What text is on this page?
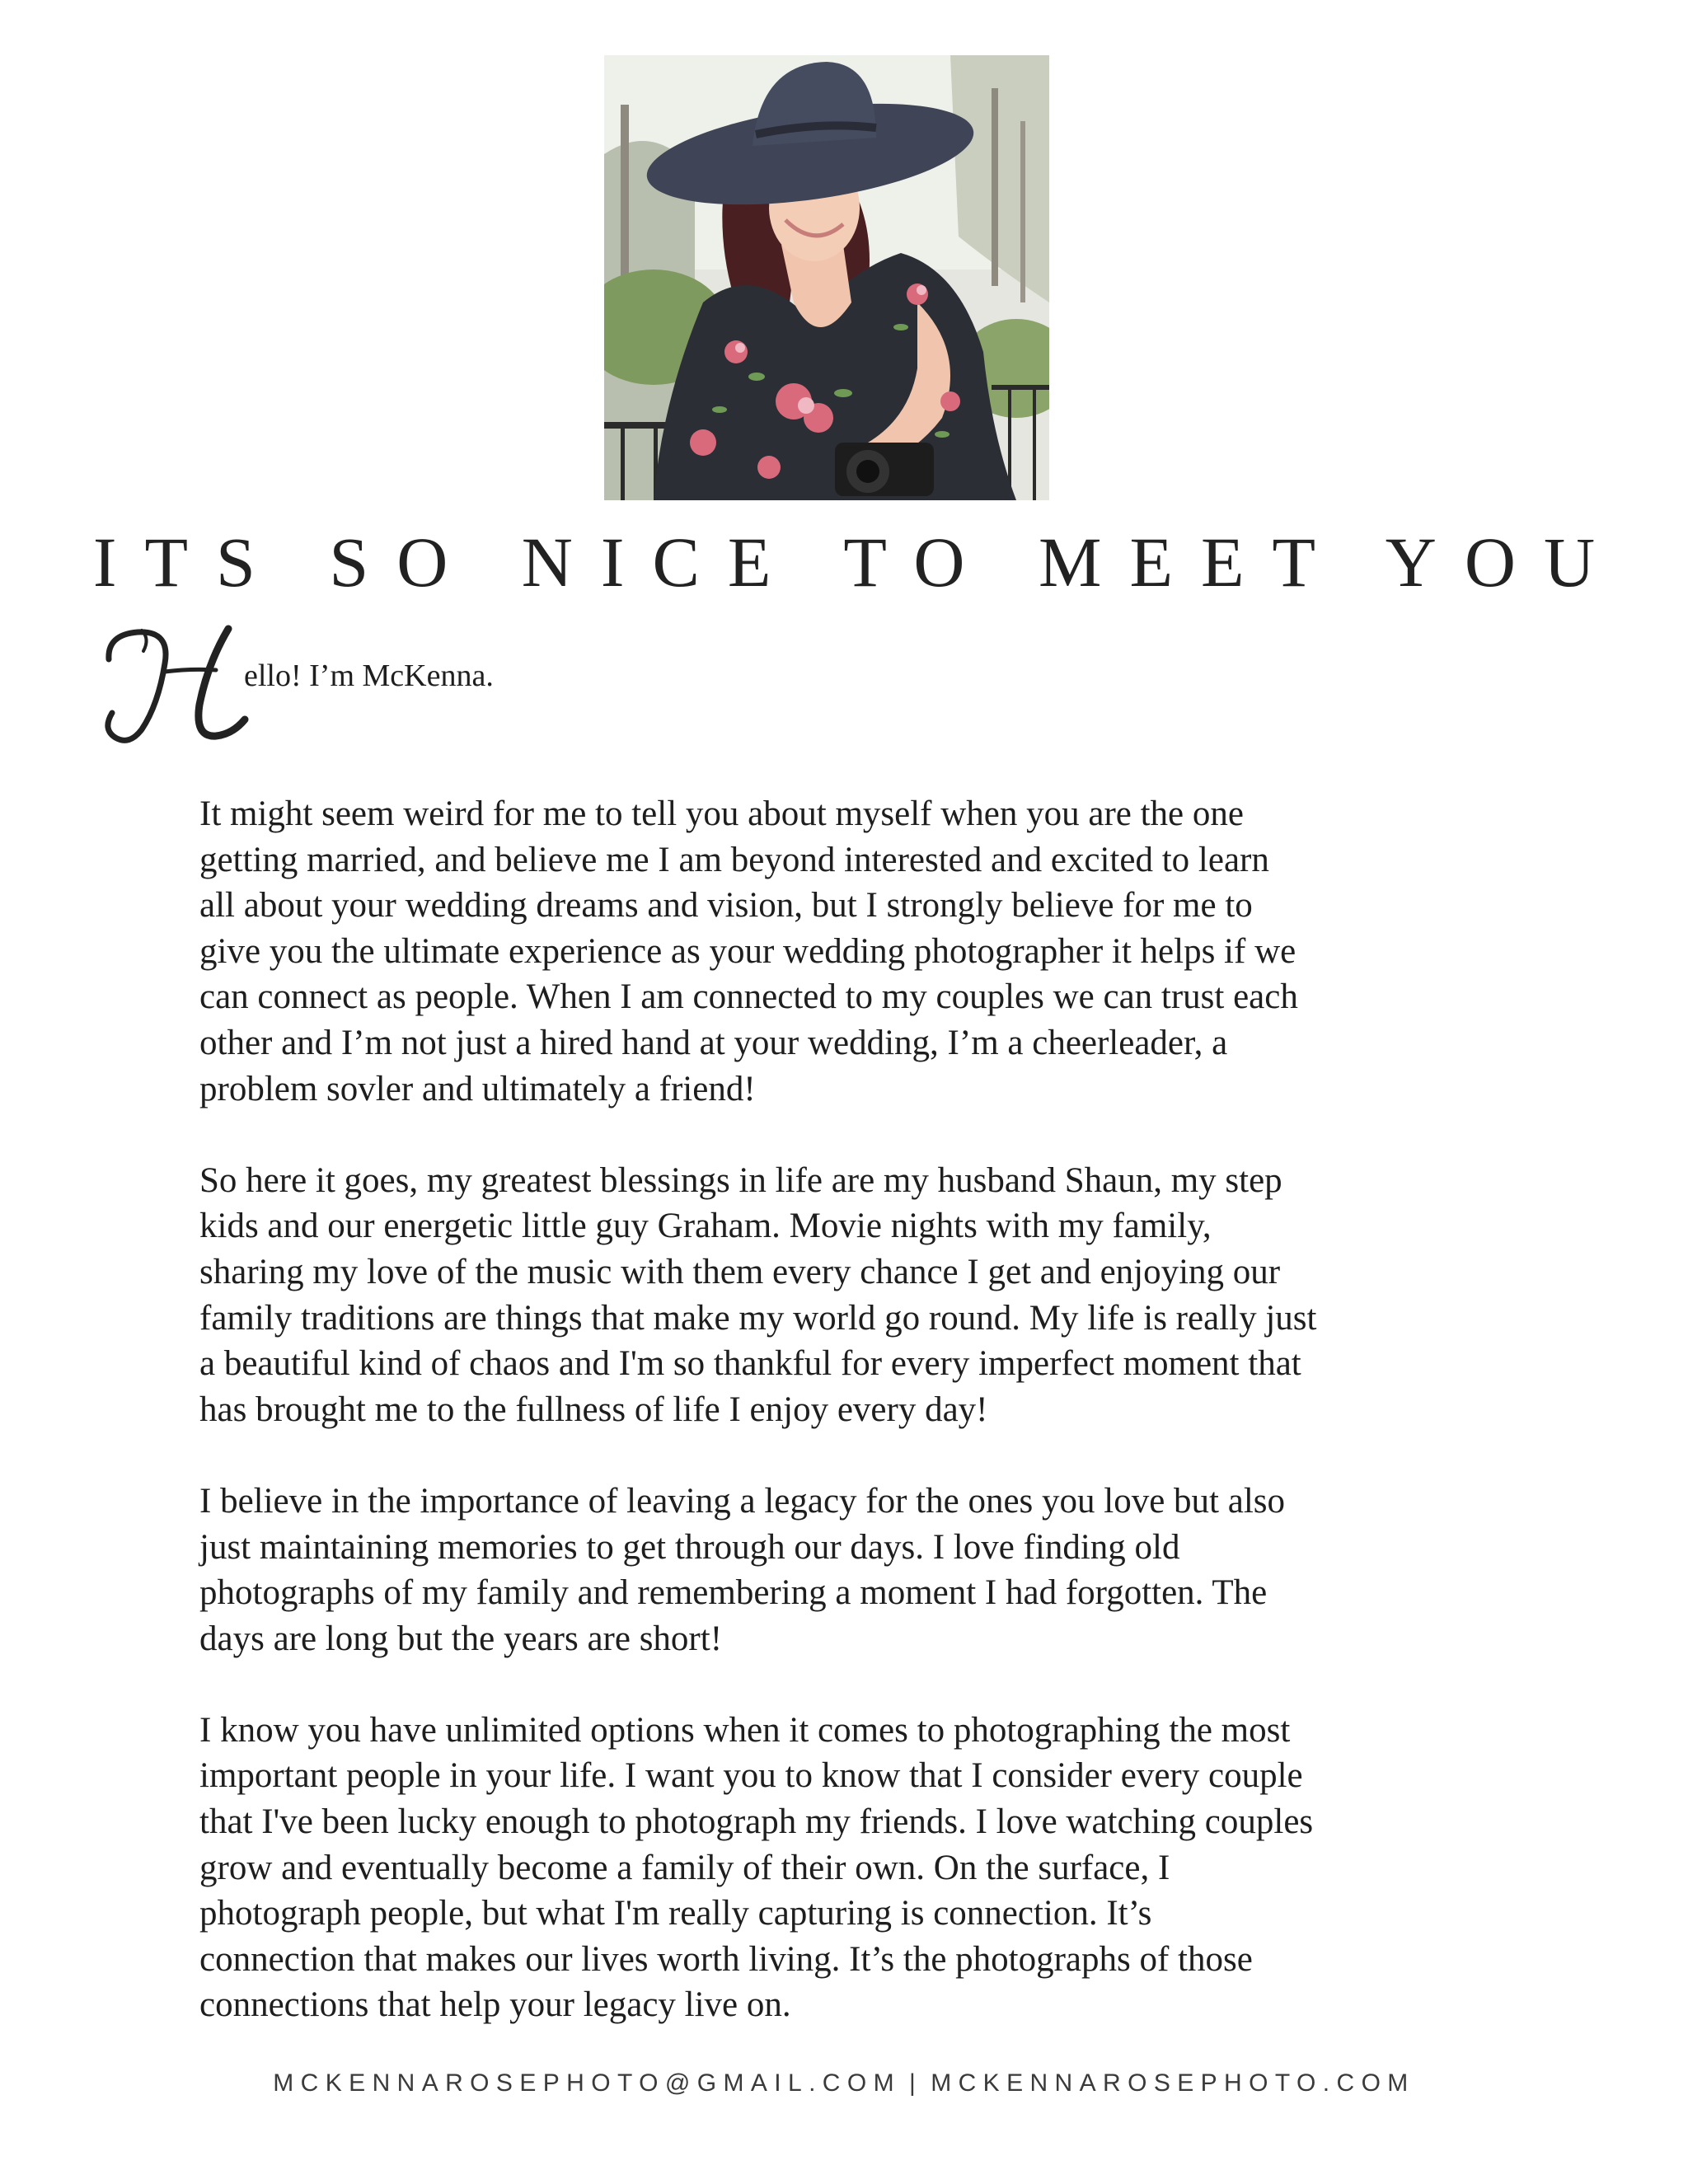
ITS SO NICE TO MEET YOU
ello! I’m McKenna.

It might seem weird for me to tell you about myself when you are the one
getting married, and believe me I am beyond interested and excited to learn
all about your wedding dreams and vision, but I strongly believe for me to
give you the ultimate experience as your wedding photographer it helps if we
can connect as people. When I am connected to my couples we can trust each
other and I’m not just a hired hand at your wedding, I’m a cheerleader, a
problem sovler and ultimately a friend!

So here it goes, my greatest blessings in life are my husband Shaun, my step
kids and our energetic little guy Graham. Movie nights with my family,
sharing my love of the music with them every chance I get and enjoying our
family traditions are things that make my world go round. My life is really just
a beautiful kind of chaos and I'm so thankful for every imperfect moment that
has brought me to the fullness of life I enjoy every day!

I believe in the importance of leaving a legacy for the ones you love but also
just maintaining memories to get through our days. I love finding old
photographs of my family and remembering a moment I had forgotten. The
days are long but the years are short!

I know you have unlimited options when it comes to photographing the most
important people in your life. I want you to know that I consider every couple
that I've been lucky enough to photograph my friends. I love watching couples
grow and eventually become a family of their own. On the surface, I
photograph people, but what I'm really capturing is connection. It’s
connection that makes our lives worth living. It’s the photographs of those
connections that help your legacy live on.

MCKENNAROSEPHOTO@GMAIL.COM | MCKENNAROSEPHOTO.COM
